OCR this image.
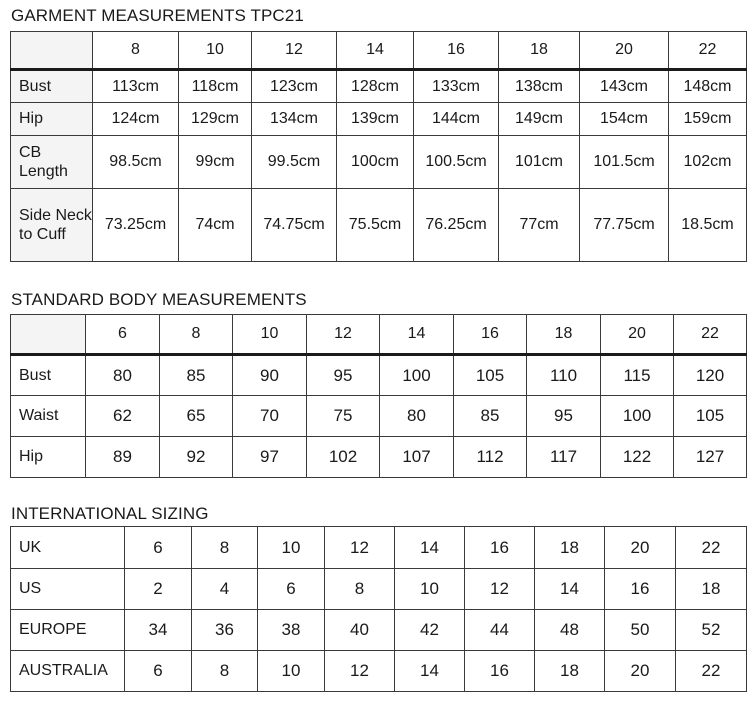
GARMENT MEASUREMENTS TPC21
	8	10	12	14	16	18	20	22
Bust	113cm	118cm	123cm	128cm	133cm	138cm	143cm	148cm
Hip	124cm	129cm	134cm	139cm	144cm	149cm	154cm	159cm
CB Length	98.5cm	99cm	99.5cm	100cm	100.5cm	101cm	101.5cm	102cm
Side Neck to Cuff	73.25cm	74cm	74.75cm	75.5cm	76.25cm	77cm	77.75cm	18.5cm
STANDARD BODY MEASUREMENTS
	6	8	10	12	14	16	18	20	22
Bust	80	85	90	95	100	105	110	115	120
Waist	62	65	70	75	80	85	95	100	105
Hip	89	92	97	102	107	112	117	122	127
INTERNATIONAL SIZING
UK	6	8	10	12	14	16	18	20	22
US	2	4	6	8	10	12	14	16	18
EUROPE	34	36	38	40	42	44	48	50	52
AUSTRALIA	6	8	10	12	14	16	18	20	22
